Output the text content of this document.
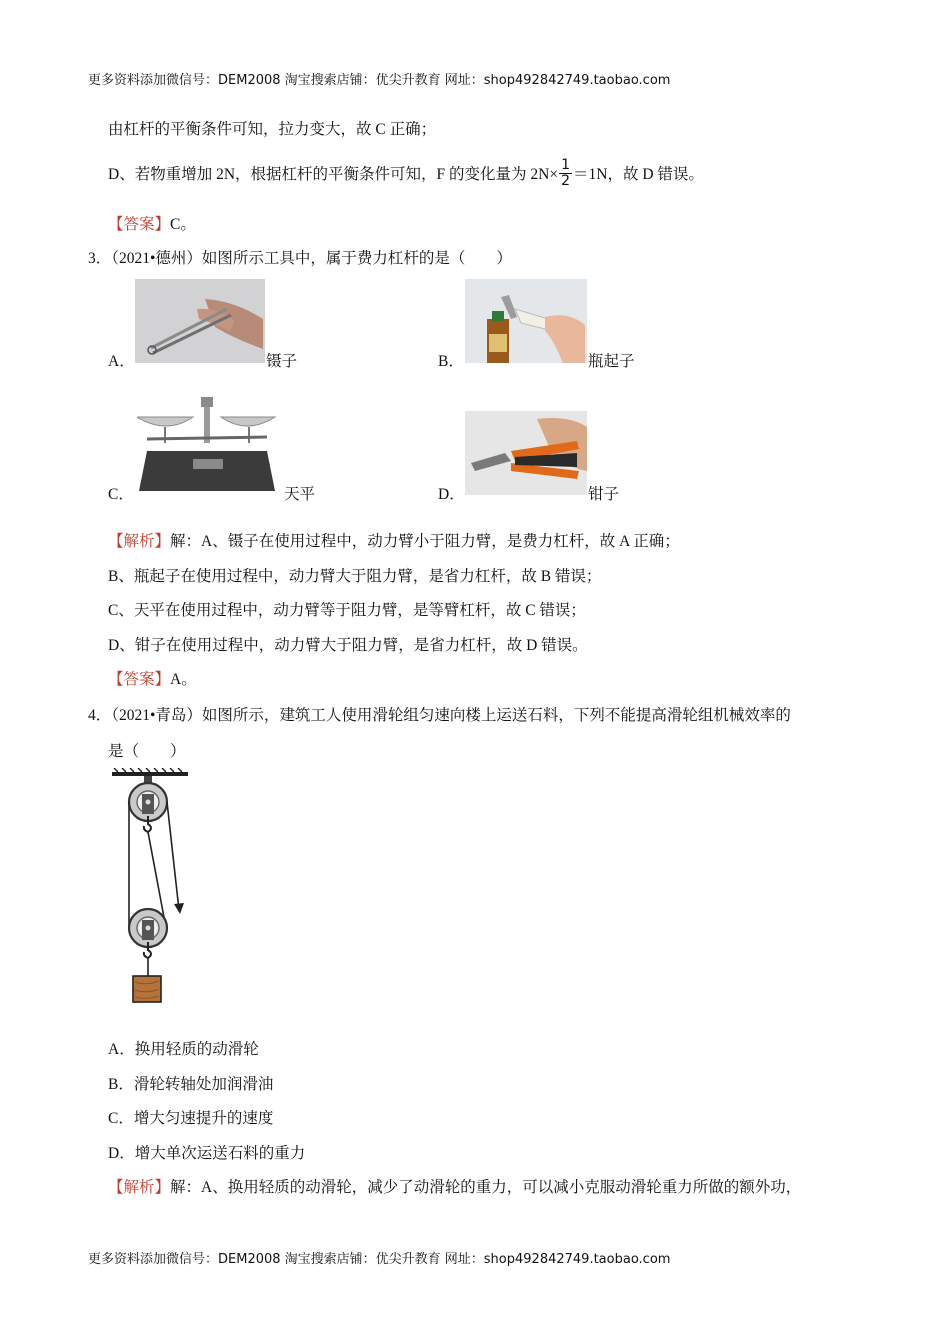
更多资料添加微信号：DEM2008 淘宝搜索店铺：优尖升教育 网址：shop492842749.taobao.com
由杠杆的平衡条件可知，拉力变大，故 C 正确；
D、若物重增加 2N，根据杠杆的平衡条件可知，F 的变化量为 $2N\times \frac{1}{2} =1N$，故 D 错误。
【答案】C。
3．（2021•德州）如图所示工具中，属于费力杠杆的是（　　）
A．	镊子	B．	瓶起子
C．	天平	D．	钳子
【解析】解：A、镊子在使用过程中，动力臂小于阻力臂，是费力杠杆，故 A 正确；
B、瓶起子在使用过程中，动力臂大于阻力臂，是省力杠杆，故 B 错误；
C、天平在使用过程中，动力臂等于阻力臂，是等臂杠杆，故 C 错误；
D、钳子在使用过程中，动力臂大于阻力臂，是省力杠杆，故 D 错误。
【答案】A。
4．（2021•青岛）如图所示，建筑工人使用滑轮组匀速向楼上运送石料，下列不能提高滑轮组机械效率的
是（　　）
A．换用轻质的动滑轮
B．滑轮转轴处加润滑油
C．增大匀速提升的速度
D．增大单次运送石料的重力
【解析】解：A、换用轻质的动滑轮，减少了动滑轮的重力，可以减小克服动滑轮重力所做的额外功，
更多资料添加微信号：DEM2008 淘宝搜索店铺：优尖升教育 网址：shop492842749.taobao.com
